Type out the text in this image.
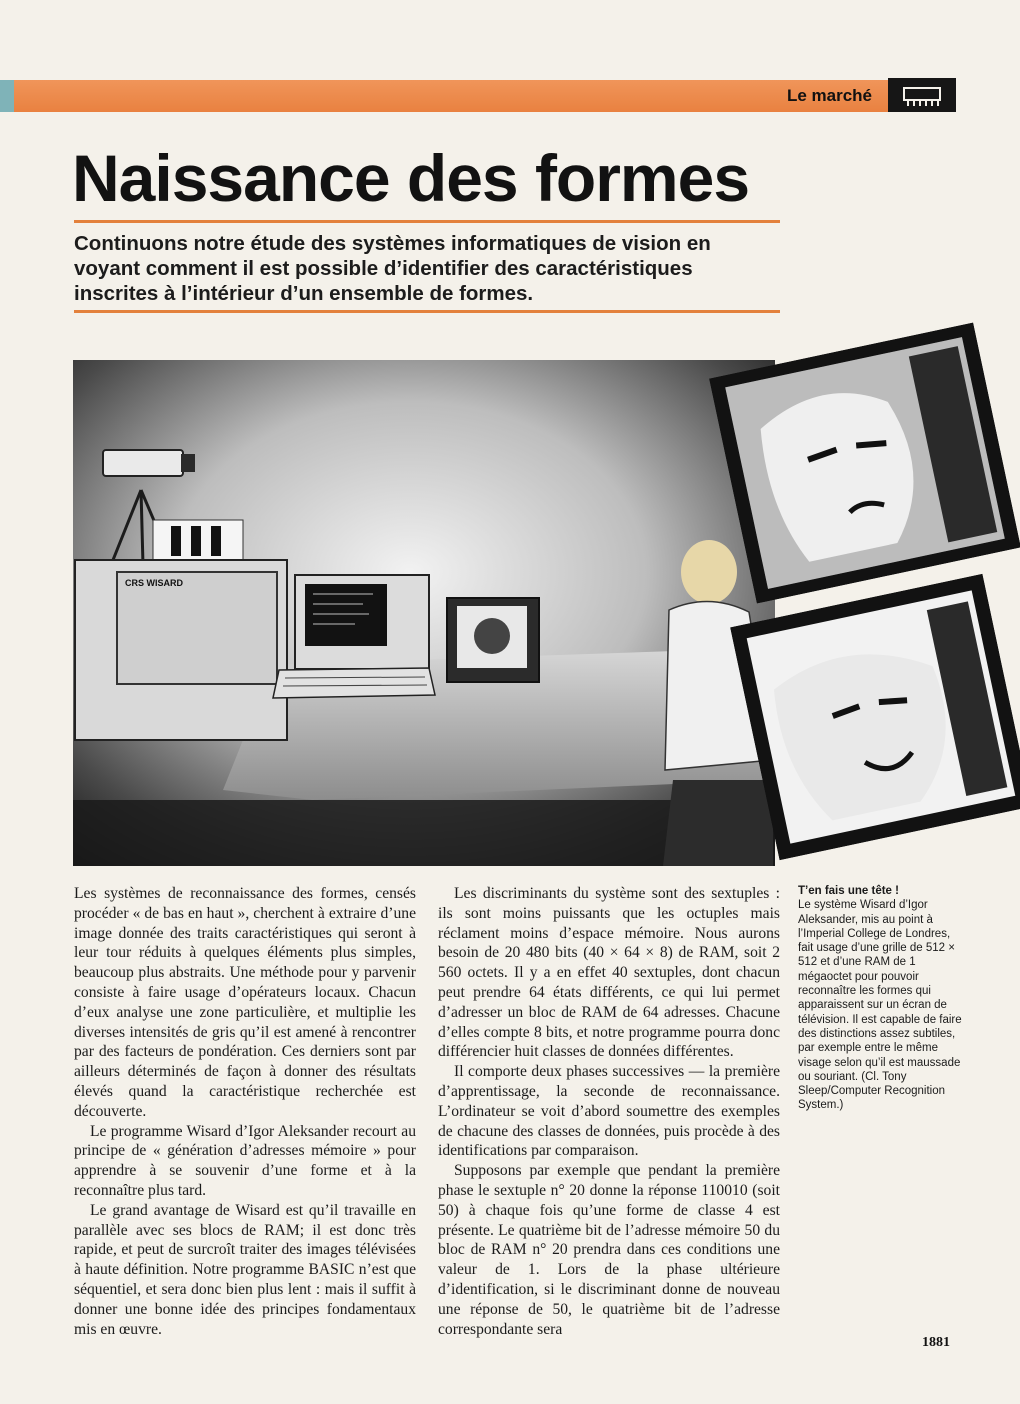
Le marché
Naissance des formes

Continuons notre étude des systèmes informatiques de vision en voyant comment il est possible d’identifier des caractéristiques inscrites à l’intérieur d’un ensemble de formes.

CRS WISARD

Les systèmes de reconnaissance des formes, censés procéder « de bas en haut », cherchent à extraire d’une image donnée des traits caractéristiques qui seront à leur tour réduits à quelques éléments plus simples, beaucoup plus abstraits. Une méthode pour y parvenir consiste à faire usage d’opérateurs locaux. Chacun d’eux analyse une zone particulière, et multiplie les diverses intensités de gris qu’il est amené à rencontrer par des facteurs de pondération. Ces derniers sont par ailleurs déterminés de façon à donner des résultats élevés quand la caractéristique recherchée est découverte.

Le programme Wisard d’Igor Aleksander recourt au principe de « génération d’adresses mémoire » pour apprendre à se souvenir d’une forme et à la reconnaître plus tard.

Le grand avantage de Wisard est qu’il travaille en parallèle avec ses blocs de RAM; il est donc très rapide, et peut de surcroît traiter des images télévisées à haute définition. Notre programme BASIC n’est que séquentiel, et sera donc bien plus lent : mais il suffit à donner une bonne idée des principes fondamentaux mis en œuvre.

Les discriminants du système sont des sextuples : ils sont moins puissants que les octuples mais réclament moins d’espace mémoire. Nous aurons besoin de 20 480 bits (40 × 64 × 8) de RAM, soit 2 560 octets. Il y a en effet 40 sextuples, dont chacun peut prendre 64 états différents, ce qui lui permet d’adresser un bloc de RAM de 64 adresses. Chacune d’elles compte 8 bits, et notre programme pourra donc différencier huit classes de données différentes.

Il comporte deux phases successives — la première d’apprentissage, la seconde de reconnaissance. L’ordinateur se voit d’abord soumettre des exemples de chacune des classes de données, puis procède à des identifications par comparaison.

Supposons par exemple que pendant la première phase le sextuple n° 20 donne la réponse 110010 (soit 50) à chaque fois qu’une forme de classe 4 est présente. Le quatrième bit de l’adresse mémoire 50 du bloc de RAM n° 20 prendra dans ces conditions une valeur de 1. Lors de la phase ultérieure d’identification, si le discriminant donne de nouveau une réponse de 50, le quatrième bit de l’adresse correspondante sera

T’en fais une tête !
Le système Wisard d’Igor Aleksander, mis au point à l’Imperial College de Londres, fait usage d’une grille de 512 × 512 et d’une RAM de 1 mégaoctet pour pouvoir reconnaître les formes qui apparaissent sur un écran de télévision. Il est capable de faire des distinctions assez subtiles, par exemple entre le même visage selon qu’il est maussade ou souriant. (Cl. Tony Sleep/Computer Recognition System.)
1881
